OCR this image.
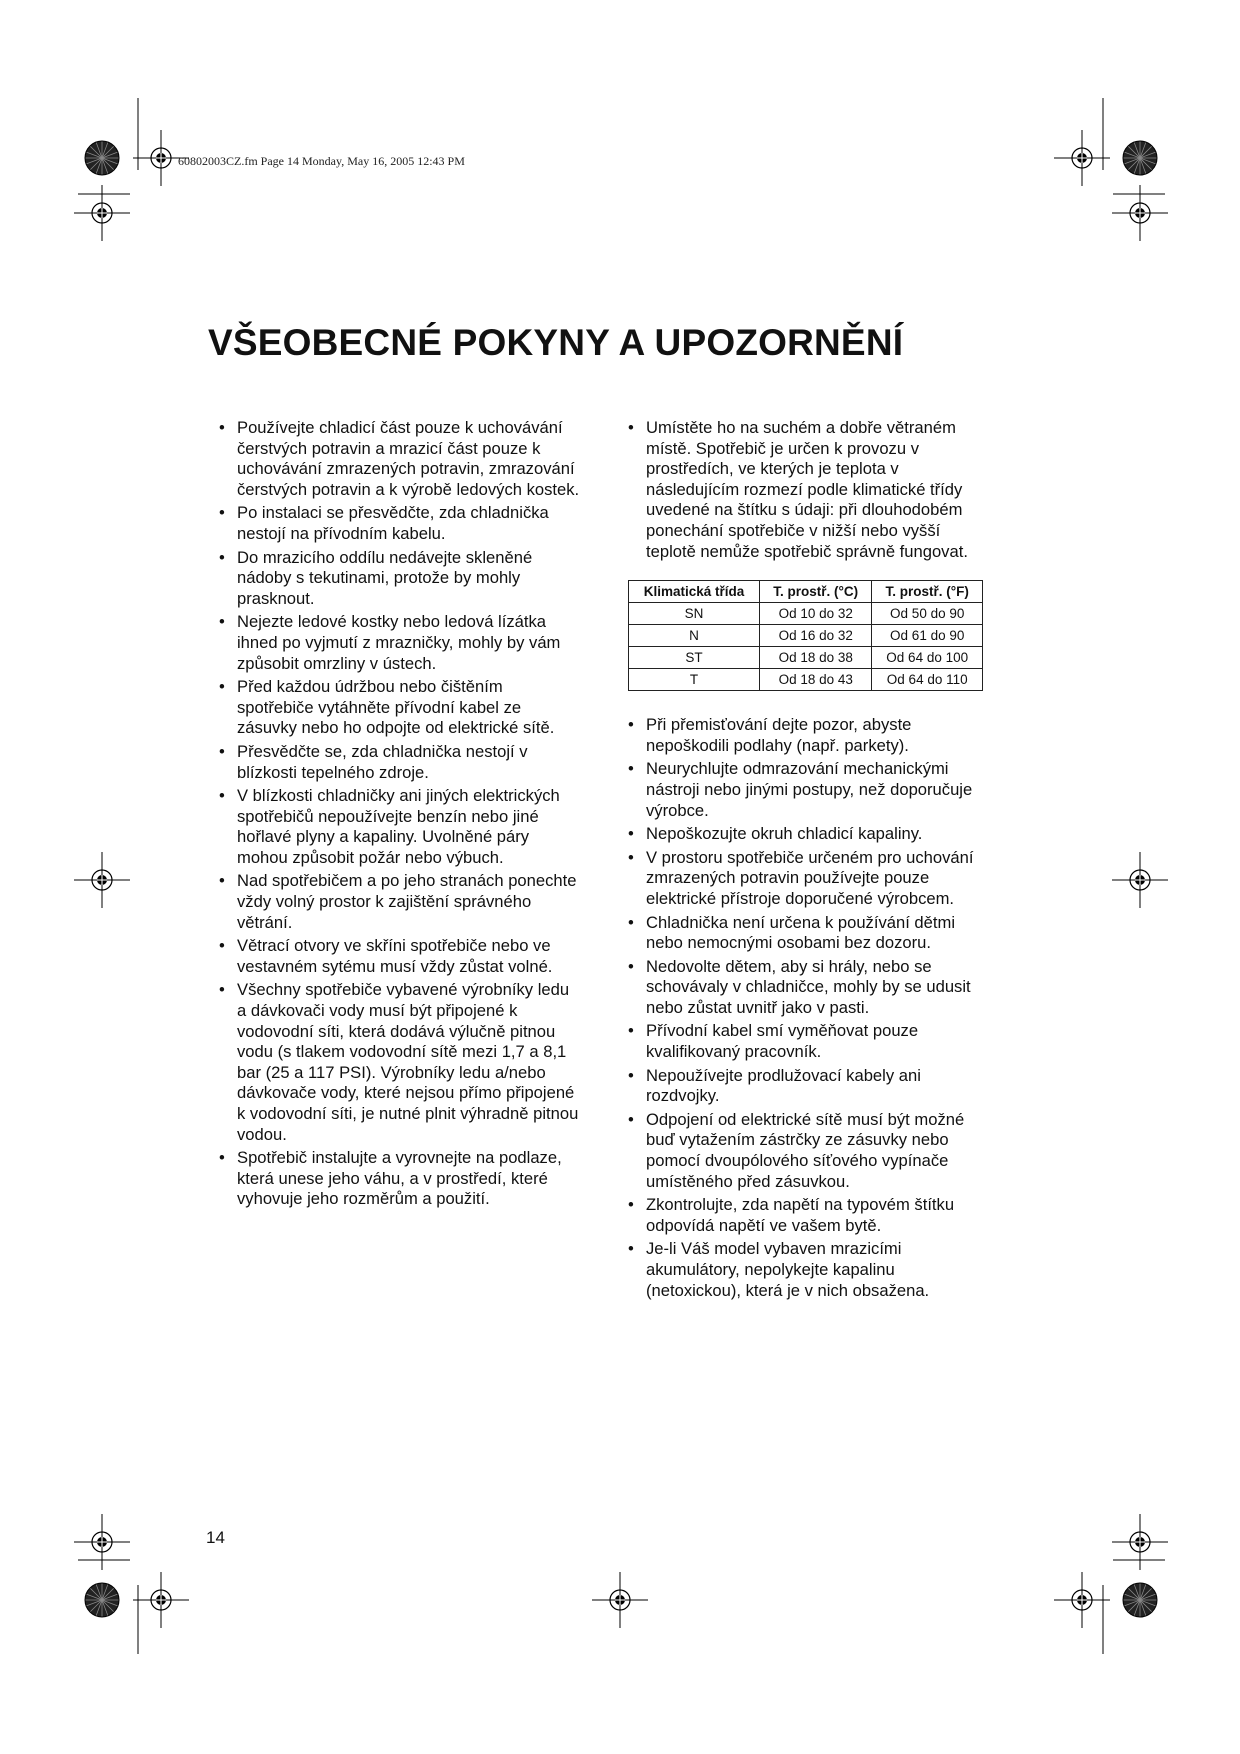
60802003CZ.fm Page 14 Monday, May 16, 2005 12:43 PM
VŠEOBECNÉ POKYNY A UPOZORNĚNÍ
• Používejte chladicí část pouze k uchovávání čerstvých potravin a mrazicí část pouze k uchovávání zmrazených potravin, zmrazování čerstvých potravin a k výrobě ledových kostek.
• Po instalaci se přesvědčte, zda chladnička nestojí na přívodním kabelu.
• Do mrazicího oddílu nedávejte skleněné nádoby s tekutinami, protože by mohly prasknout.
• Nejezte ledové kostky nebo ledová lízátka ihned po vyjmutí z mrazničky, mohly by vám způsobit omrzliny v ústech.
• Před každou údržbou nebo čištěním spotřebiče vytáhněte přívodní kabel ze zásuvky nebo ho odpojte od elektrické sítě.
• Přesvědčte se, zda chladnička nestojí v blízkosti tepelného zdroje.
• V blízkosti chladničky ani jiných elektrických spotřebičů nepoužívejte benzín nebo jiné hořlavé plyny a kapaliny. Uvolněné páry mohou způsobit požár nebo výbuch.
• Nad spotřebičem a po jeho stranách ponechte vždy volný prostor k zajištění správného větrání.
• Větrací otvory ve skříni spotřebiče nebo ve vestavném sytému musí vždy zůstat volné.
• Všechny spotřebiče vybavené výrobníky ledu a dávkovači vody musí být připojené k vodovodní síti, která dodává výlučně pitnou vodu (s tlakem vodovodní sítě mezi 1,7 a 8,1 bar (25 a 117 PSI). Výrobníky ledu a/nebo dávkovače vody, které nejsou přímo připojené k vodovodní síti, je nutné plnit výhradně pitnou vodou.
• Spotřebič instalujte a vyrovnejte na podlaze, která unese jeho váhu, a v prostředí, které vyhovuje jeho rozměrům a použití.
• Umístěte ho na suchém a dobře větraném místě. Spotřebič je určen k provozu v prostředích, ve kterých je teplota v následujícím rozmezí podle klimatické třídy uvedené na štítku s údaji: při dlouhodobém ponechání spotřebiče v nižší nebo vyšší teplotě nemůže spotřebič správně fungovat.
Klimatická třída	T. prostř. (°C)	T. prostř. (°F)
SN	Od 10 do 32	Od 50 do 90
N	Od 16 do 32	Od 61 do 90
ST	Od 18 do 38	Od 64 do 100
T	Od 18 do 43	Od 64 do 110
• Při přemisťování dejte pozor, abyste nepoškodili podlahy (např. parkety).
• Neurychlujte odmrazování mechanickými nástroji nebo jinými postupy, než doporučuje výrobce.
• Nepoškozujte okruh chladicí kapaliny.
• V prostoru spotřebiče určeném pro uchování zmrazených potravin používejte pouze elektrické přístroje doporučené výrobcem.
• Chladnička není určena k používání dětmi nebo nemocnými osobami bez dozoru.
• Nedovolte dětem, aby si hrály, nebo se schovávaly v chladničce, mohly by se udusit nebo zůstat uvnitř jako v pasti.
• Přívodní kabel smí vyměňovat pouze kvalifikovaný pracovník.
• Nepoužívejte prodlužovací kabely ani rozdvojky.
• Odpojení od elektrické sítě musí být možné buď vytažením zástrčky ze zásuvky nebo pomocí dvoupólového síťového vypínače umístěného před zásuvkou.
• Zkontrolujte, zda napětí na typovém štítku odpovídá napětí ve vašem bytě.
• Je-li Váš model vybaven mrazicími akumulátory, nepolykejte kapalinu (netoxickou), která je v nich obsažena.
14
